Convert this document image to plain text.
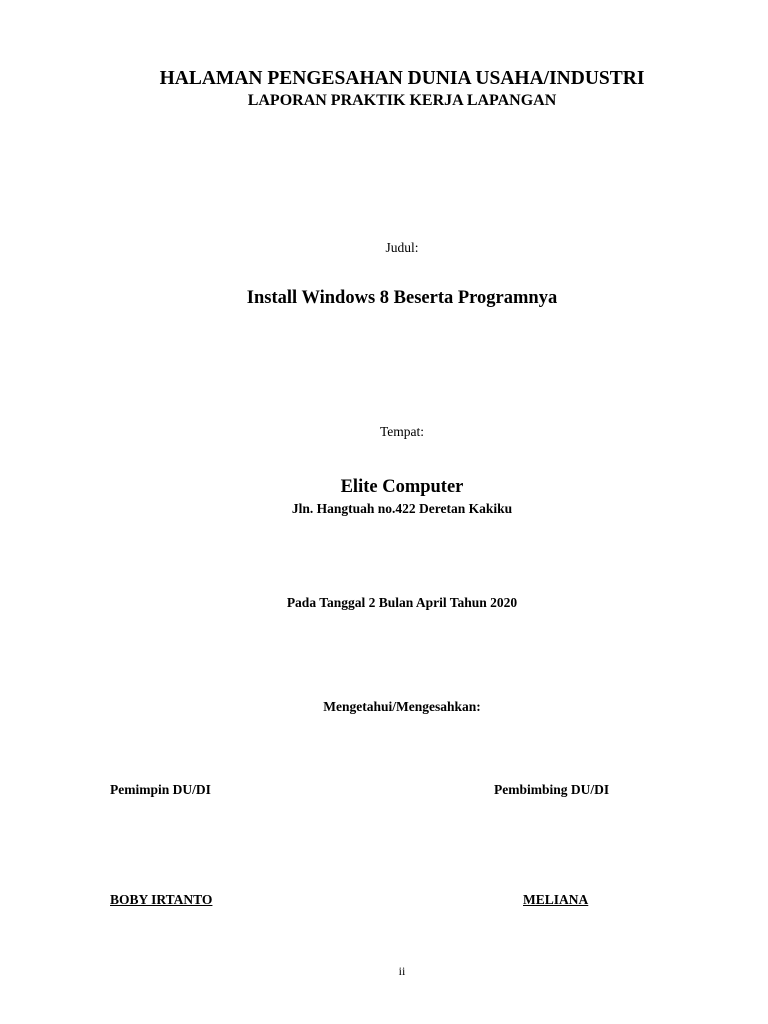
HALAMAN PENGESAHAN DUNIA USAHA/INDUSTRI
LAPORAN PRAKTIK KERJA LAPANGAN
Judul:
Install Windows 8 Beserta Programnya
Tempat:
Elite Computer
Jln. Hangtuah no.422 Deretan Kakiku
Pada Tanggal 2 Bulan April Tahun 2020
Mengetahui/Mengesahkan:
Pemimpin DU/DI	Pembimbing DU/DI
BOBY IRTANTO	MELIANA
ii
